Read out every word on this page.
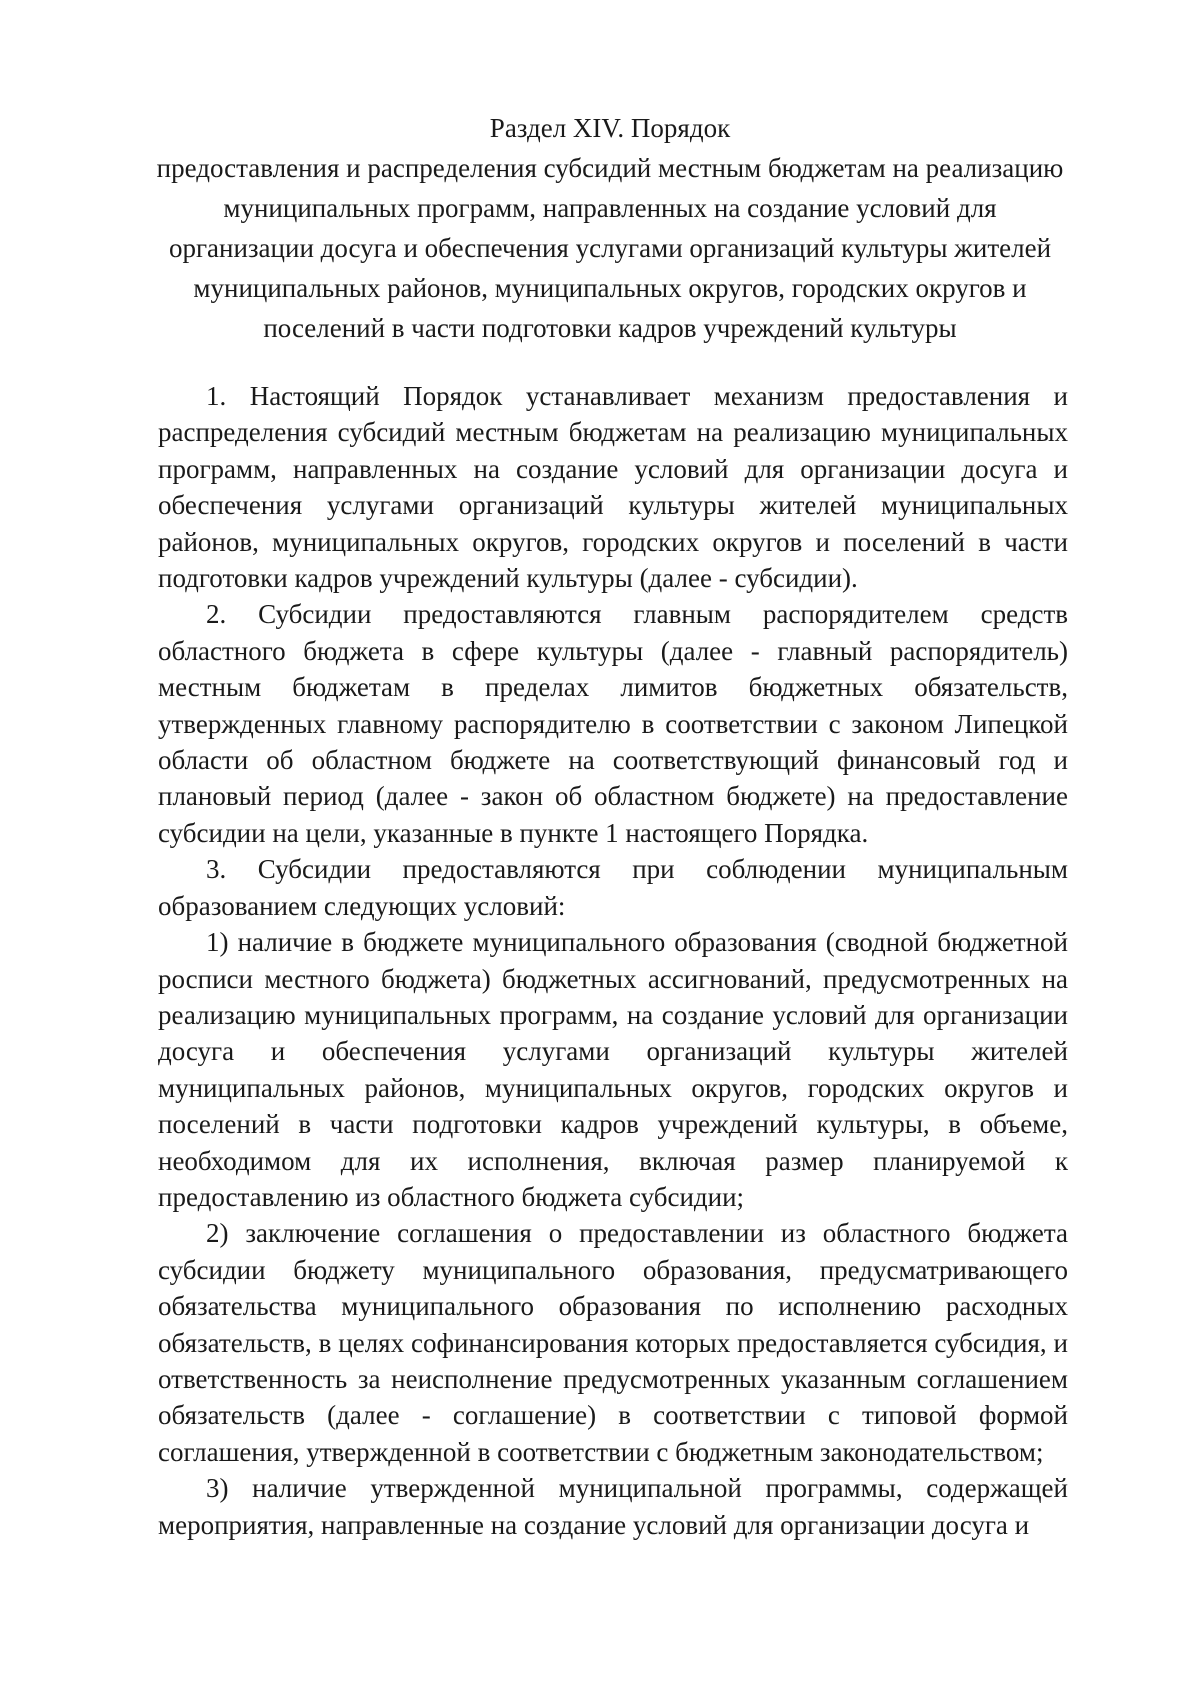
Раздел XIV. Порядок
предоставления и распределения субсидий местным бюджетам на реализацию муниципальных программ, направленных на создание условий для организации досуга и обеспечения услугами организаций культуры жителей муниципальных районов, муниципальных округов, городских округов и поселений в части подготовки кадров учреждений культуры

1. Настоящий Порядок устанавливает механизм предоставления и распределения субсидий местным бюджетам на реализацию муниципальных программ, направленных на создание условий для организации досуга и обеспечения услугами организаций культуры жителей муниципальных районов, муниципальных округов, городских округов и поселений в части подготовки кадров учреждений культуры (далее - субсидии).

2. Субсидии предоставляются главным распорядителем средств областного бюджета в сфере культуры (далее - главный распорядитель) местным бюджетам в пределах лимитов бюджетных обязательств, утвержденных главному распорядителю в соответствии с законом Липецкой области об областном бюджете на соответствующий финансовый год и плановый период (далее - закон об областном бюджете) на предоставление субсидии на цели, указанные в пункте 1 настоящего Порядка.

3. Субсидии предоставляются при соблюдении муниципальным образованием следующих условий:

1) наличие в бюджете муниципального образования (сводной бюджетной росписи местного бюджета) бюджетных ассигнований, предусмотренных на реализацию муниципальных программ, на создание условий для организации досуга и обеспечения услугами организаций культуры жителей муниципальных районов, муниципальных округов, городских округов и поселений в части подготовки кадров учреждений культуры, в объеме, необходимом для их исполнения, включая размер планируемой к предоставлению из областного бюджета субсидии;

2) заключение соглашения о предоставлении из областного бюджета субсидии бюджету муниципального образования, предусматривающего обязательства муниципального образования по исполнению расходных обязательств, в целях софинансирования которых предоставляется субсидия, и ответственность за неисполнение предусмотренных указанным соглашением обязательств (далее - соглашение) в соответствии с типовой формой соглашения, утвержденной в соответствии с бюджетным законодательством;

3) наличие утвержденной муниципальной программы, содержащей мероприятия, направленные на создание условий для организации досуга и
